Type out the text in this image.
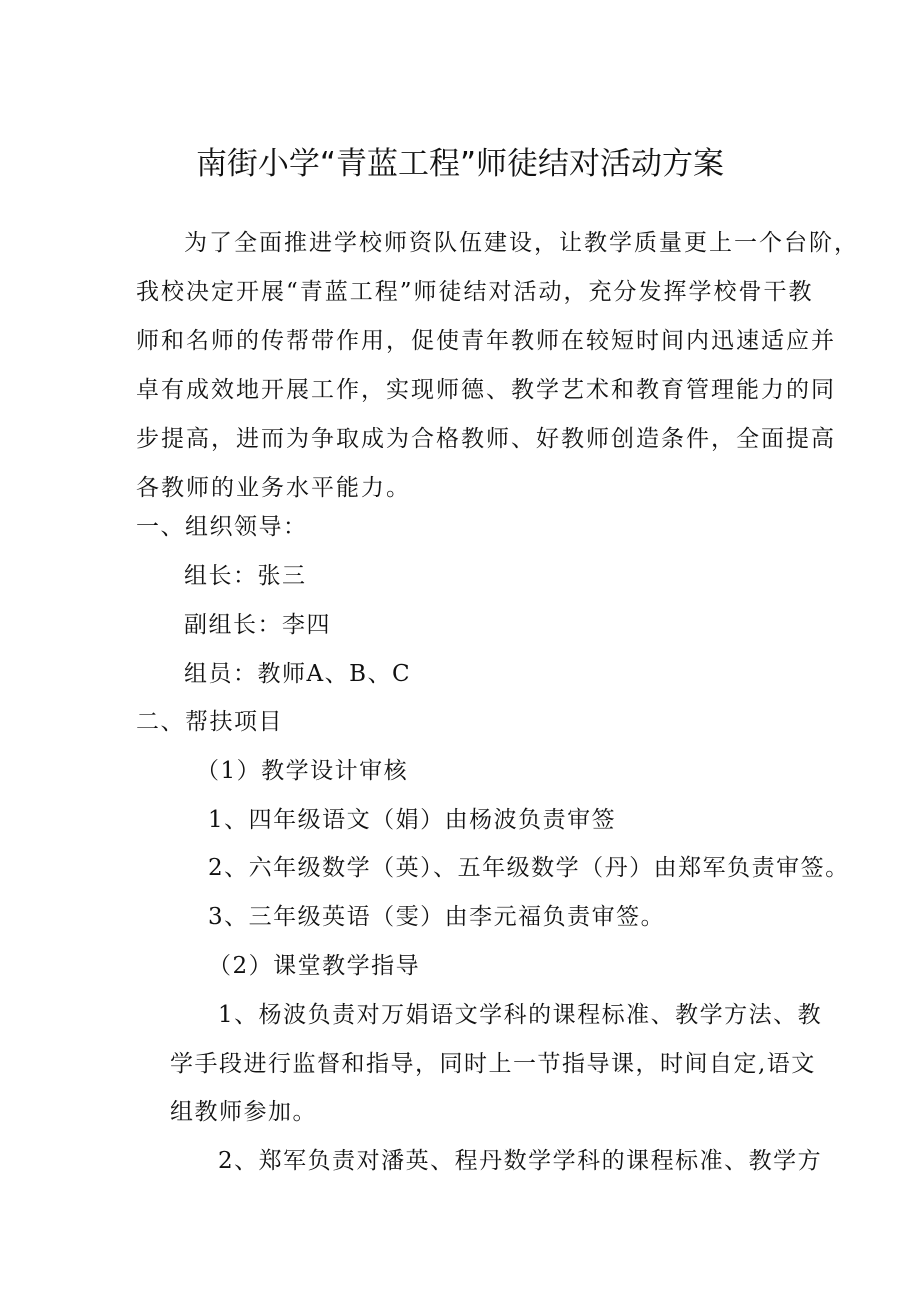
南街小学“青蓝工程”师徒结对活动方案
为了全面推进学校师资队伍建设，让教学质量更上一个台阶，
我校决定开展“青蓝工程”师徒结对活动，充分发挥学校骨干教
师和名师的传帮带作用，促使青年教师在较短时间内迅速适应并
卓有成效地开展工作，实现师德、教学艺术和教育管理能力的同
步提高，进而为争取成为合格教师、好教师创造条件，全面提高
各教师的业务水平能力。

一、组织领导：

组长：张三

副组长：李四

组员：教师A、B、C

二、帮扶项目

（1）教学设计审核

1、四年级语文（娟）由杨波负责审签

2、六年级数学（英）、五年级数学（丹）由郑军负责审签。

3、三年级英语（雯）由李元福负责审签。

（2）课堂教学指导

1、杨波负责对万娟语文学科的课程标准、教学方法、教

学手段进行监督和指导，同时上一节指导课，时间自定,语文

组教师参加。

2、郑军负责对潘英、程丹数学学科的课程标准、教学方
